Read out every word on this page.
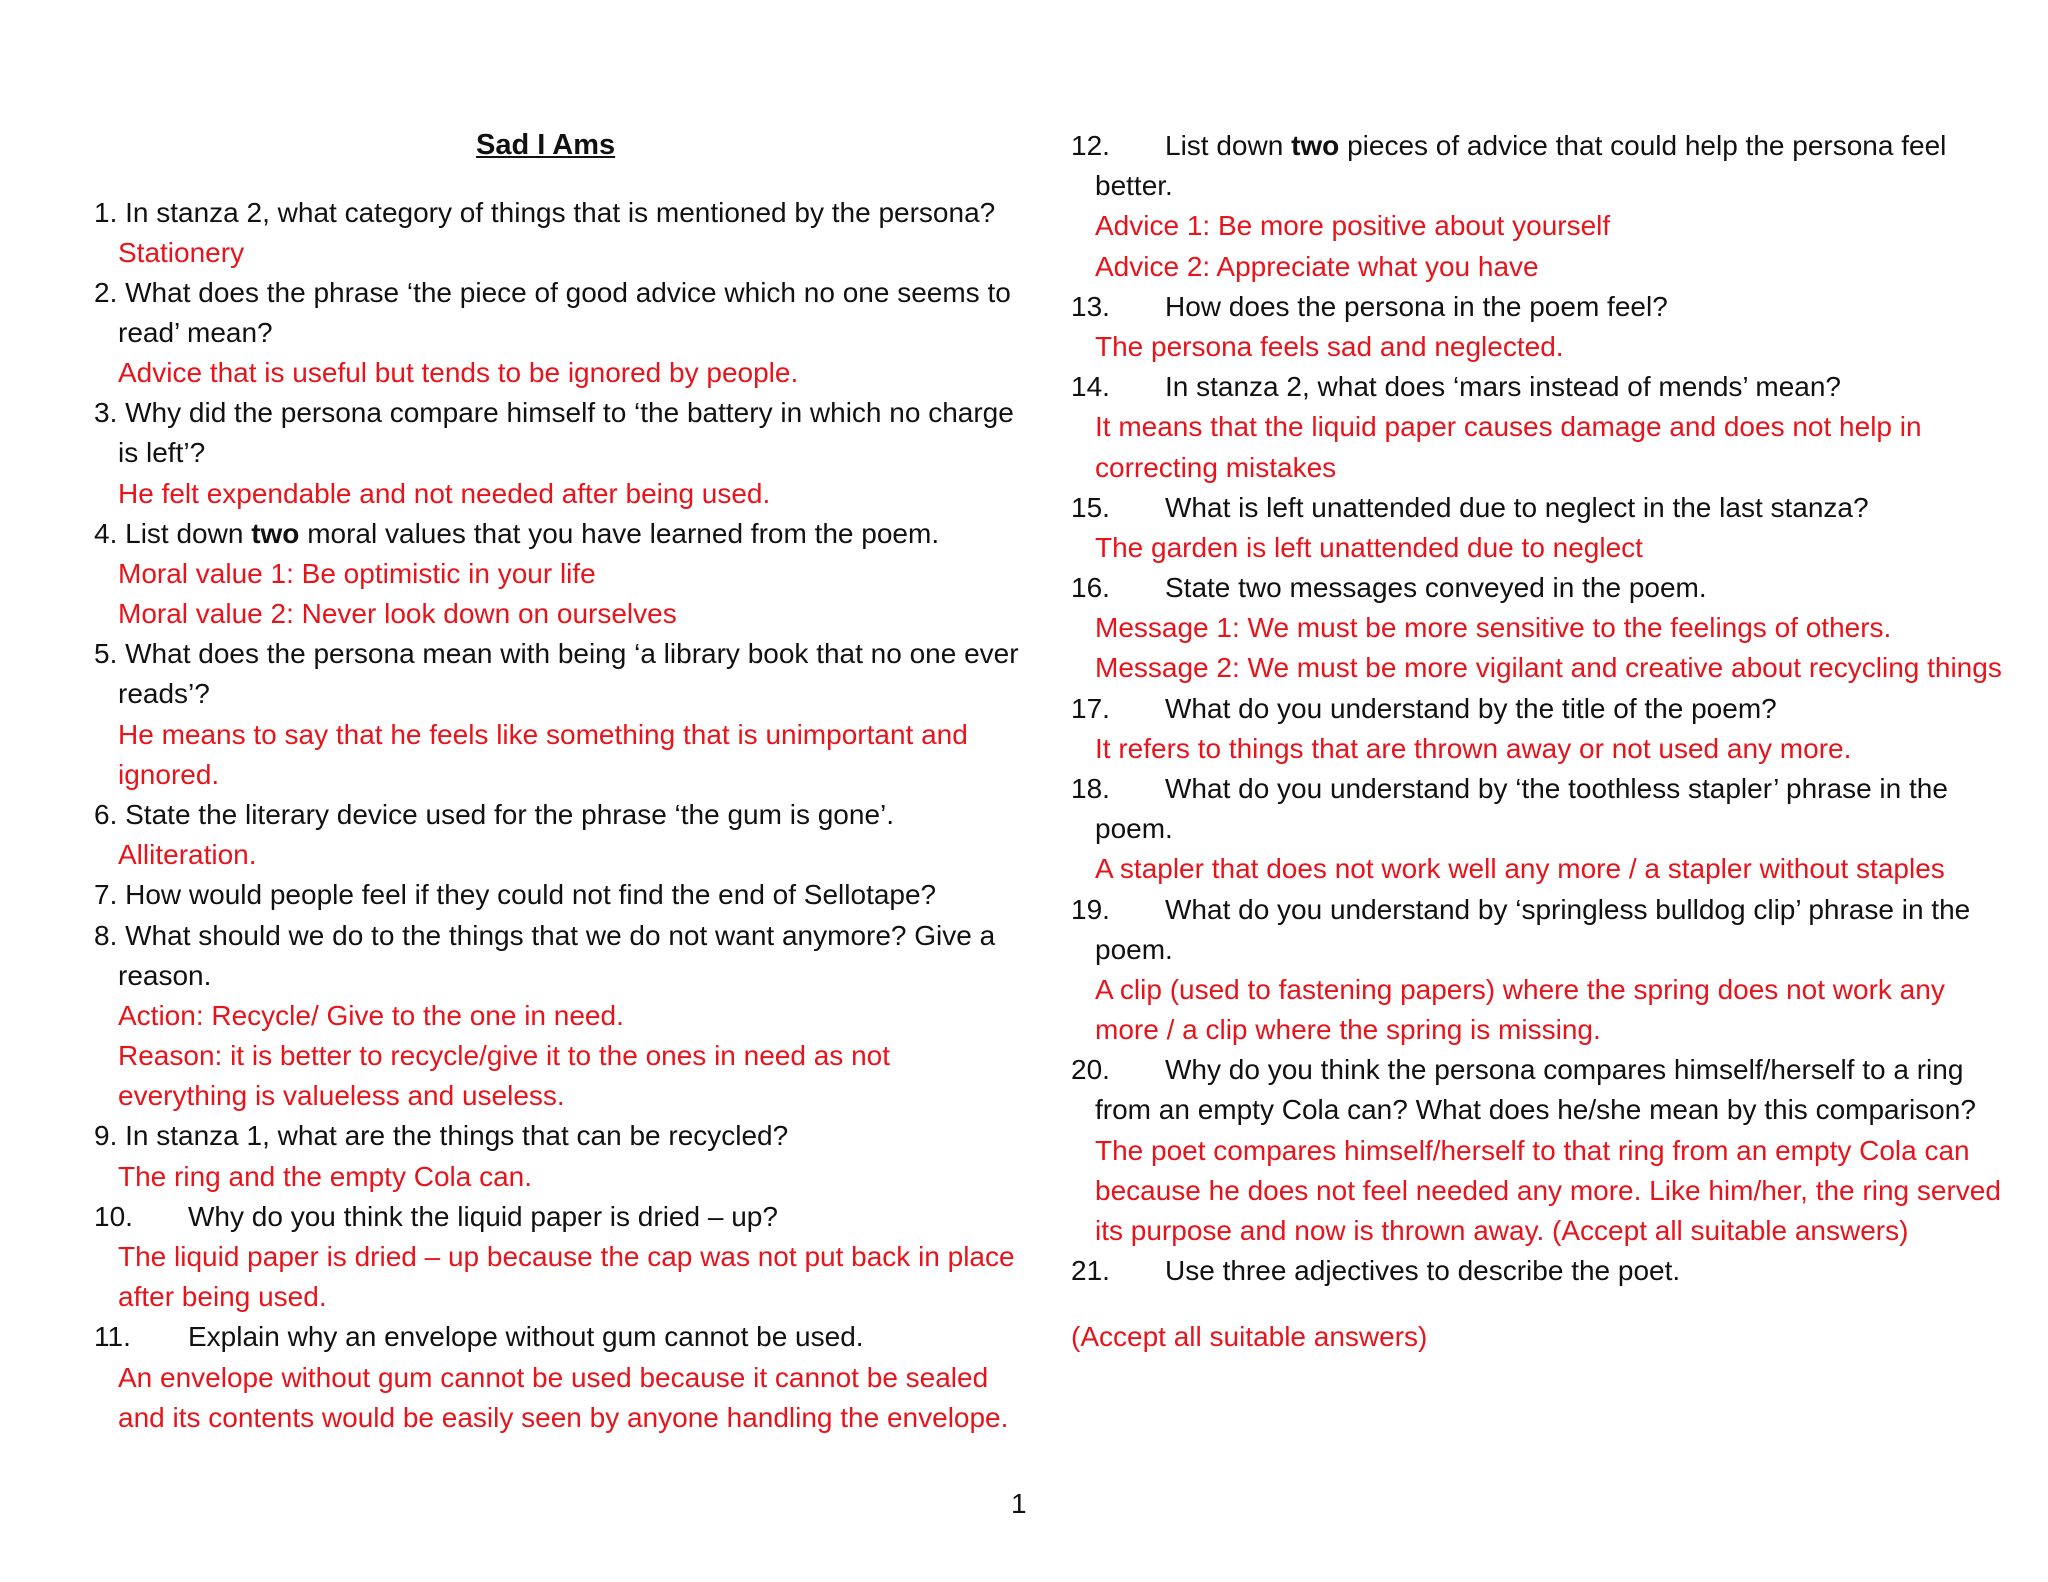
Sad I Ams
1. In stanza 2, what category of things that is mentioned by the persona?
Stationery
2. What does the phrase ‘the piece of good advice which no one seems to
read’ mean?
Advice that is useful but tends to be ignored by people.
3. Why did the persona compare himself to ‘the battery in which no charge
is left’?
He felt expendable and not needed after being used.
4. List down two moral values that you have learned from the poem.
Moral value 1: Be optimistic in your life
Moral value 2: Never look down on ourselves
5. What does the persona mean with being ‘a library book that no one ever
reads’?
He means to say that he feels like something that is unimportant and
ignored.
6. State the literary device used for the phrase ‘the gum is gone’.
Alliteration.
7. How would people feel if they could not find the end of Sellotape?
8. What should we do to the things that we do not want anymore? Give a
reason.
Action: Recycle/ Give to the one in need.
Reason: it is better to recycle/give it to the ones in need as not
everything is valueless and useless.
9. In stanza 1, what are the things that can be recycled?
The ring and the empty Cola can.
10. Why do you think the liquid paper is dried – up?
The liquid paper is dried – up because the cap was not put back in place
after being used.
11. Explain why an envelope without gum cannot be used.
An envelope without gum cannot be used because it cannot be sealed
and its contents would be easily seen by anyone handling the envelope.
12. List down two pieces of advice that could help the persona feel
better.
Advice 1: Be more positive about yourself
Advice 2: Appreciate what you have
13. How does the persona in the poem feel?
The persona feels sad and neglected.
14. In stanza 2, what does ‘mars instead of mends’ mean?
It means that the liquid paper causes damage and does not help in
correcting mistakes
15. What is left unattended due to neglect in the last stanza?
The garden is left unattended due to neglect
16. State two messages conveyed in the poem.
Message 1: We must be more sensitive to the feelings of others.
Message 2: We must be more vigilant and creative about recycling things
17. What do you understand by the title of the poem?
It refers to things that are thrown away or not used any more.
18. What do you understand by ‘the toothless stapler’ phrase in the
poem.
A stapler that does not work well any more / a stapler without staples
19. What do you understand by ‘springless bulldog clip’ phrase in the
poem.
A clip (used to fastening papers) where the spring does not work any
more / a clip where the spring is missing.
20. Why do you think the persona compares himself/herself to a ring
from an empty Cola can? What does he/she mean by this comparison?
The poet compares himself/herself to that ring from an empty Cola can
because he does not feel needed any more. Like him/her, the ring served
its purpose and now is thrown away. (Accept all suitable answers)
21. Use three adjectives to describe the poet.
(Accept all suitable answers)
1
